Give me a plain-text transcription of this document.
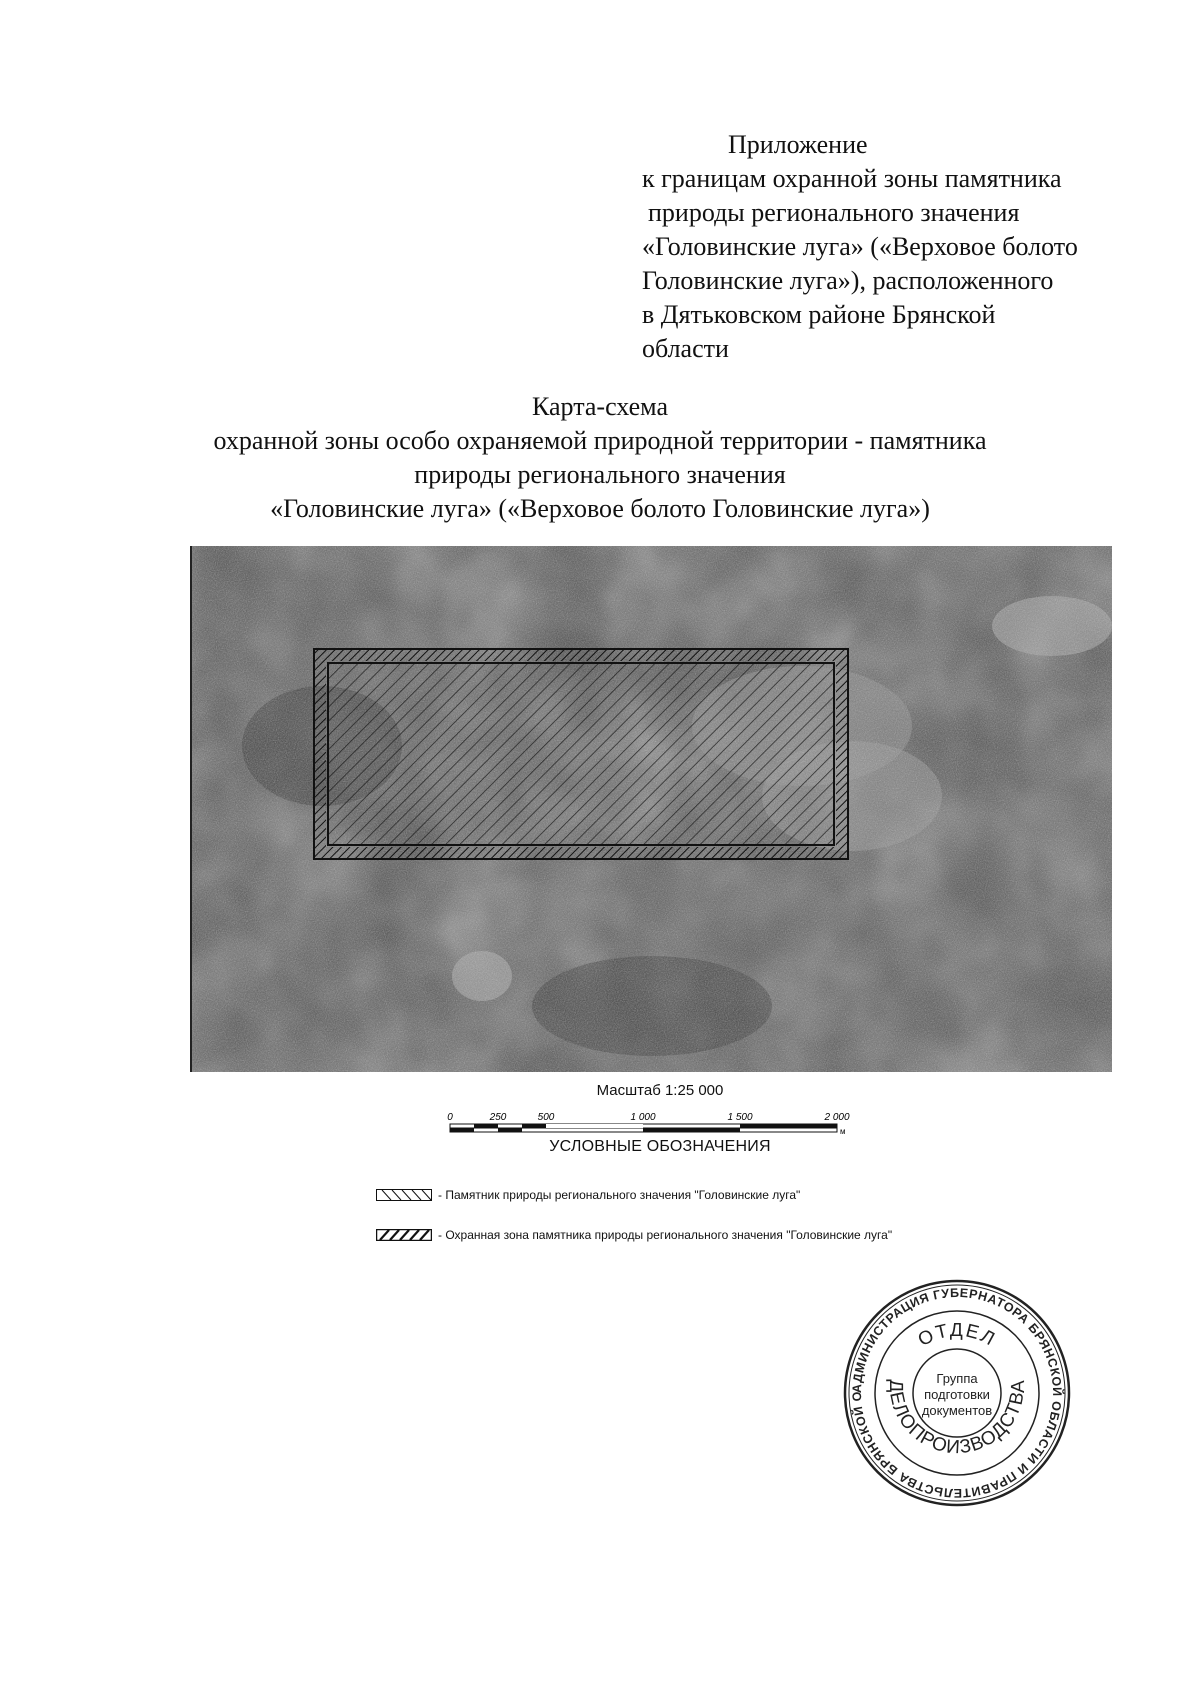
Приложение
к границам охранной зоны памятника
природы регионального значения
«Головинские луга» («Верховое болото
Головинские луга»), расположенного
в Дятьковском районе Брянской
области
Карта-схема
охранной зоны особо охраняемой природной территории - памятника
природы регионального значения
«Головинские луга» («Верховое болото Головинские луга»)
Масштаб 1:25 000
0	250	500	1 000	1 500	2 000
м
УСЛОВНЫЕ ОБОЗНАЧЕНИЯ
- Памятник природы регионального значения "Головинские луга"
- Охранная зона памятника природы регионального значения "Головинские луга"
АДМИНИСТРАЦИЯ ГУБЕРНАТОРА БРЯНСКОЙ ОБЛАСТИ И ПРАВИТЕЛЬСТВА БРЯНСКОЙ О
ОТДЕЛ
ДЕЛОПРОИЗВОДСТВА
Группа
подготовки
документов
